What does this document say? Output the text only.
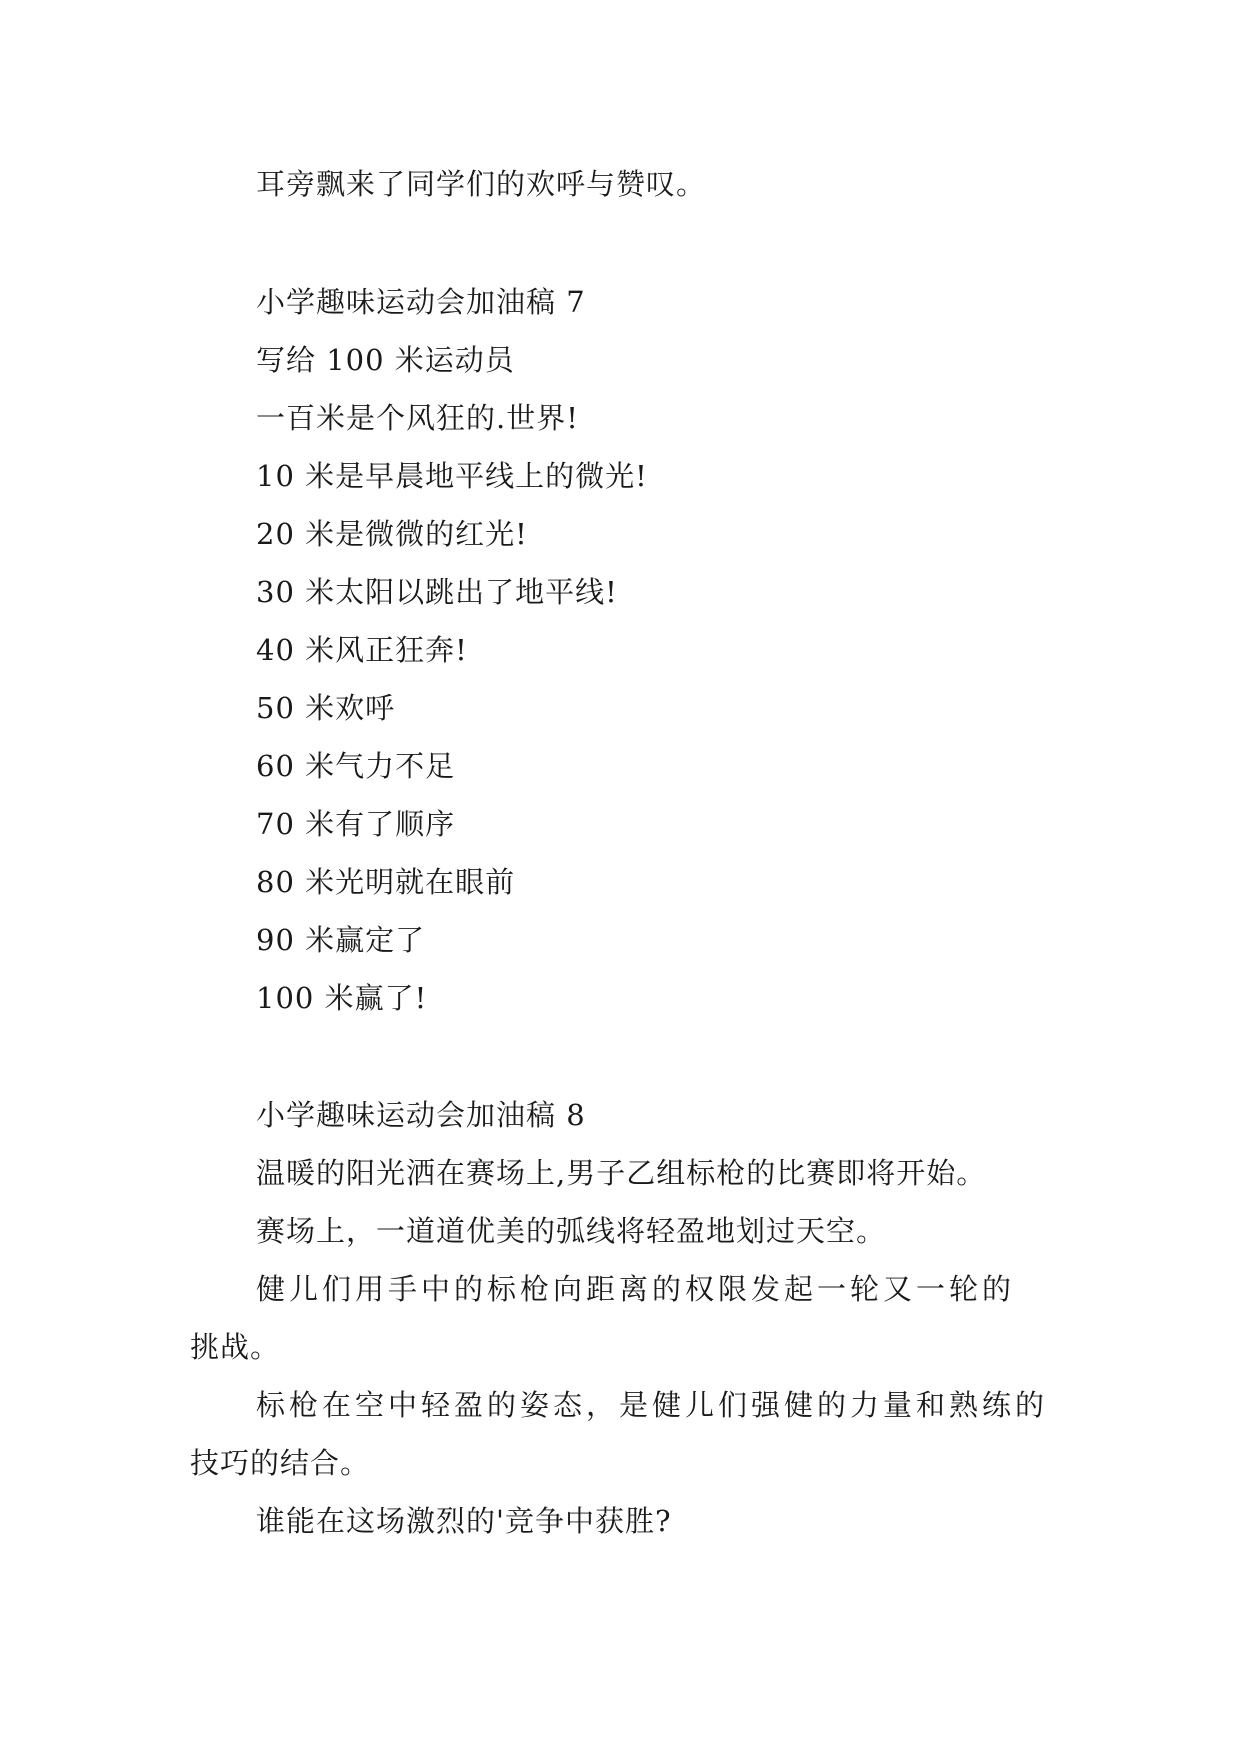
耳旁飘来了同学们的欢呼与赞叹。
小学趣味运动会加油稿 7
写给 100 米运动员
一百米是个风狂的.世界!
10 米是早晨地平线上的微光!
20 米是微微的红光!
30 米太阳以跳出了地平线!
40 米风正狂奔!
50 米欢呼
60 米气力不足
70 米有了顺序
80 米光明就在眼前
90 米赢定了
100 米赢了!
小学趣味运动会加油稿 8
温暖的阳光洒在赛场上,男子乙组标枪的比赛即将开始。
赛场上，一道道优美的弧线将轻盈地划过天空。
健儿们用手中的标枪向距离的权限发起一轮又一轮的
挑战。
标枪在空中轻盈的姿态，是健儿们强健的力量和熟练的
技巧的结合。
谁能在这场激烈的'竞争中获胜?
